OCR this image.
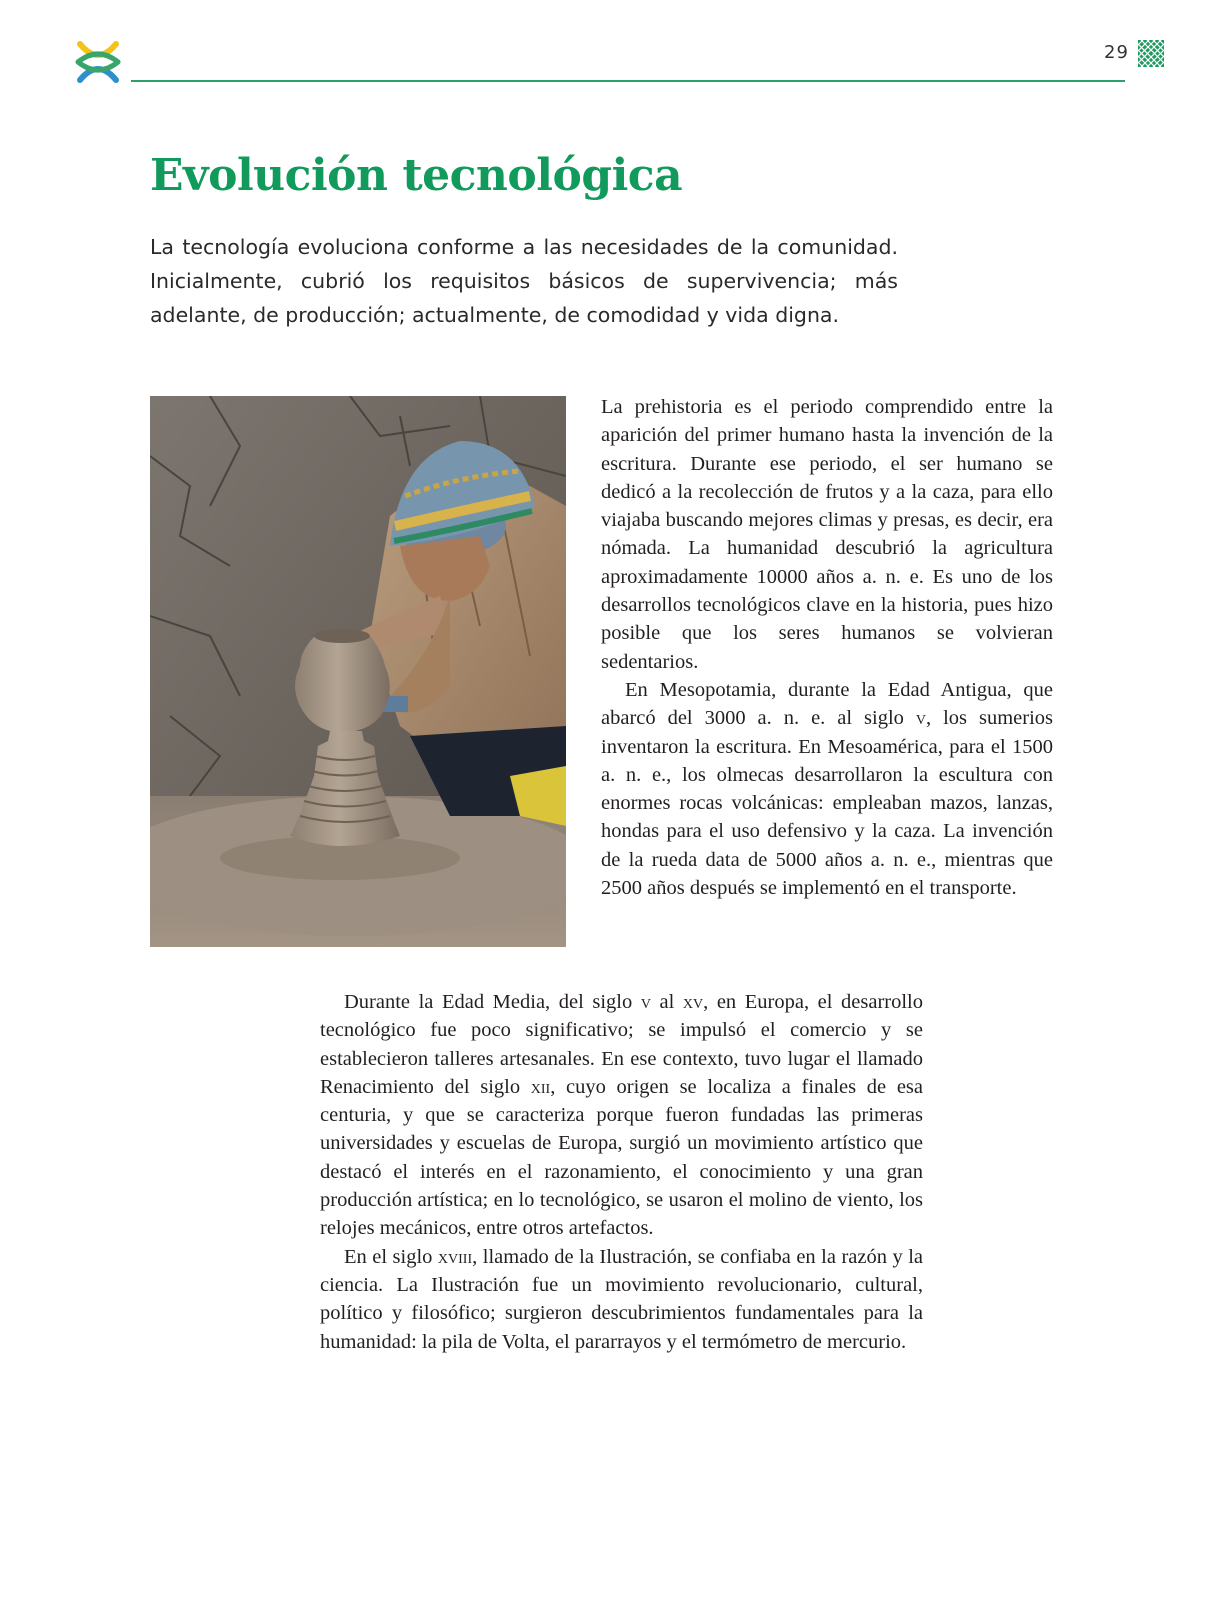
29
Evolución tecnológica

La tecnología evoluciona conforme a las necesidades de la comunidad. Inicialmente, cubrió los requisitos básicos de supervivencia; más adelante, de producción; actualmente, de comodidad y vida digna.

La prehistoria es el periodo comprendido entre la aparición del primer humano hasta la invención de la escritura. Durante ese periodo, el ser humano se dedicó a la recolección de frutos y a la caza, para ello viajaba buscando mejores climas y presas, es decir, era nómada. La humanidad descubrió la agricultura aproximadamente 10000 años a. n. e. Es uno de los desarrollos tecnológicos clave en la historia, pues hizo posible que los seres humanos se volvieran sedentarios.

En Mesopotamia, durante la Edad Antigua, que abarcó del 3000 a. n. e. al siglo v, los sumerios inventaron la escritura. En Mesoamérica, para el 1500 a. n. e., los olmecas desarrollaron la escultura con enormes rocas volcánicas: empleaban mazos, lanzas, hondas para el uso defensivo y la caza. La invención de la rueda data de 5000 años a. n. e., mientras que 2500 años después se implementó en el transporte.

Durante la Edad Media, del siglo v al xv, en Europa, el desarrollo tecnológico fue poco significativo; se impulsó el comercio y se establecieron talleres artesanales. En ese contexto, tuvo lugar el llamado Renacimiento del siglo xii, cuyo origen se localiza a finales de esa centuria, y que se caracteriza porque fueron fundadas las primeras universidades y escuelas de Europa, surgió un movimiento artístico que destacó el interés en el razonamiento, el conocimiento y una gran producción artística; en lo tecnológico, se usaron el molino de viento, los relojes mecánicos, entre otros artefactos.

En el siglo xviii, llamado de la Ilustración, se confiaba en la razón y la ciencia. La Ilustración fue un movimiento revolucionario, cultural, político y filosófico; surgieron descubrimientos fundamentales para la humanidad: la pila de Volta, el pararrayos y el termómetro de mercurio.
